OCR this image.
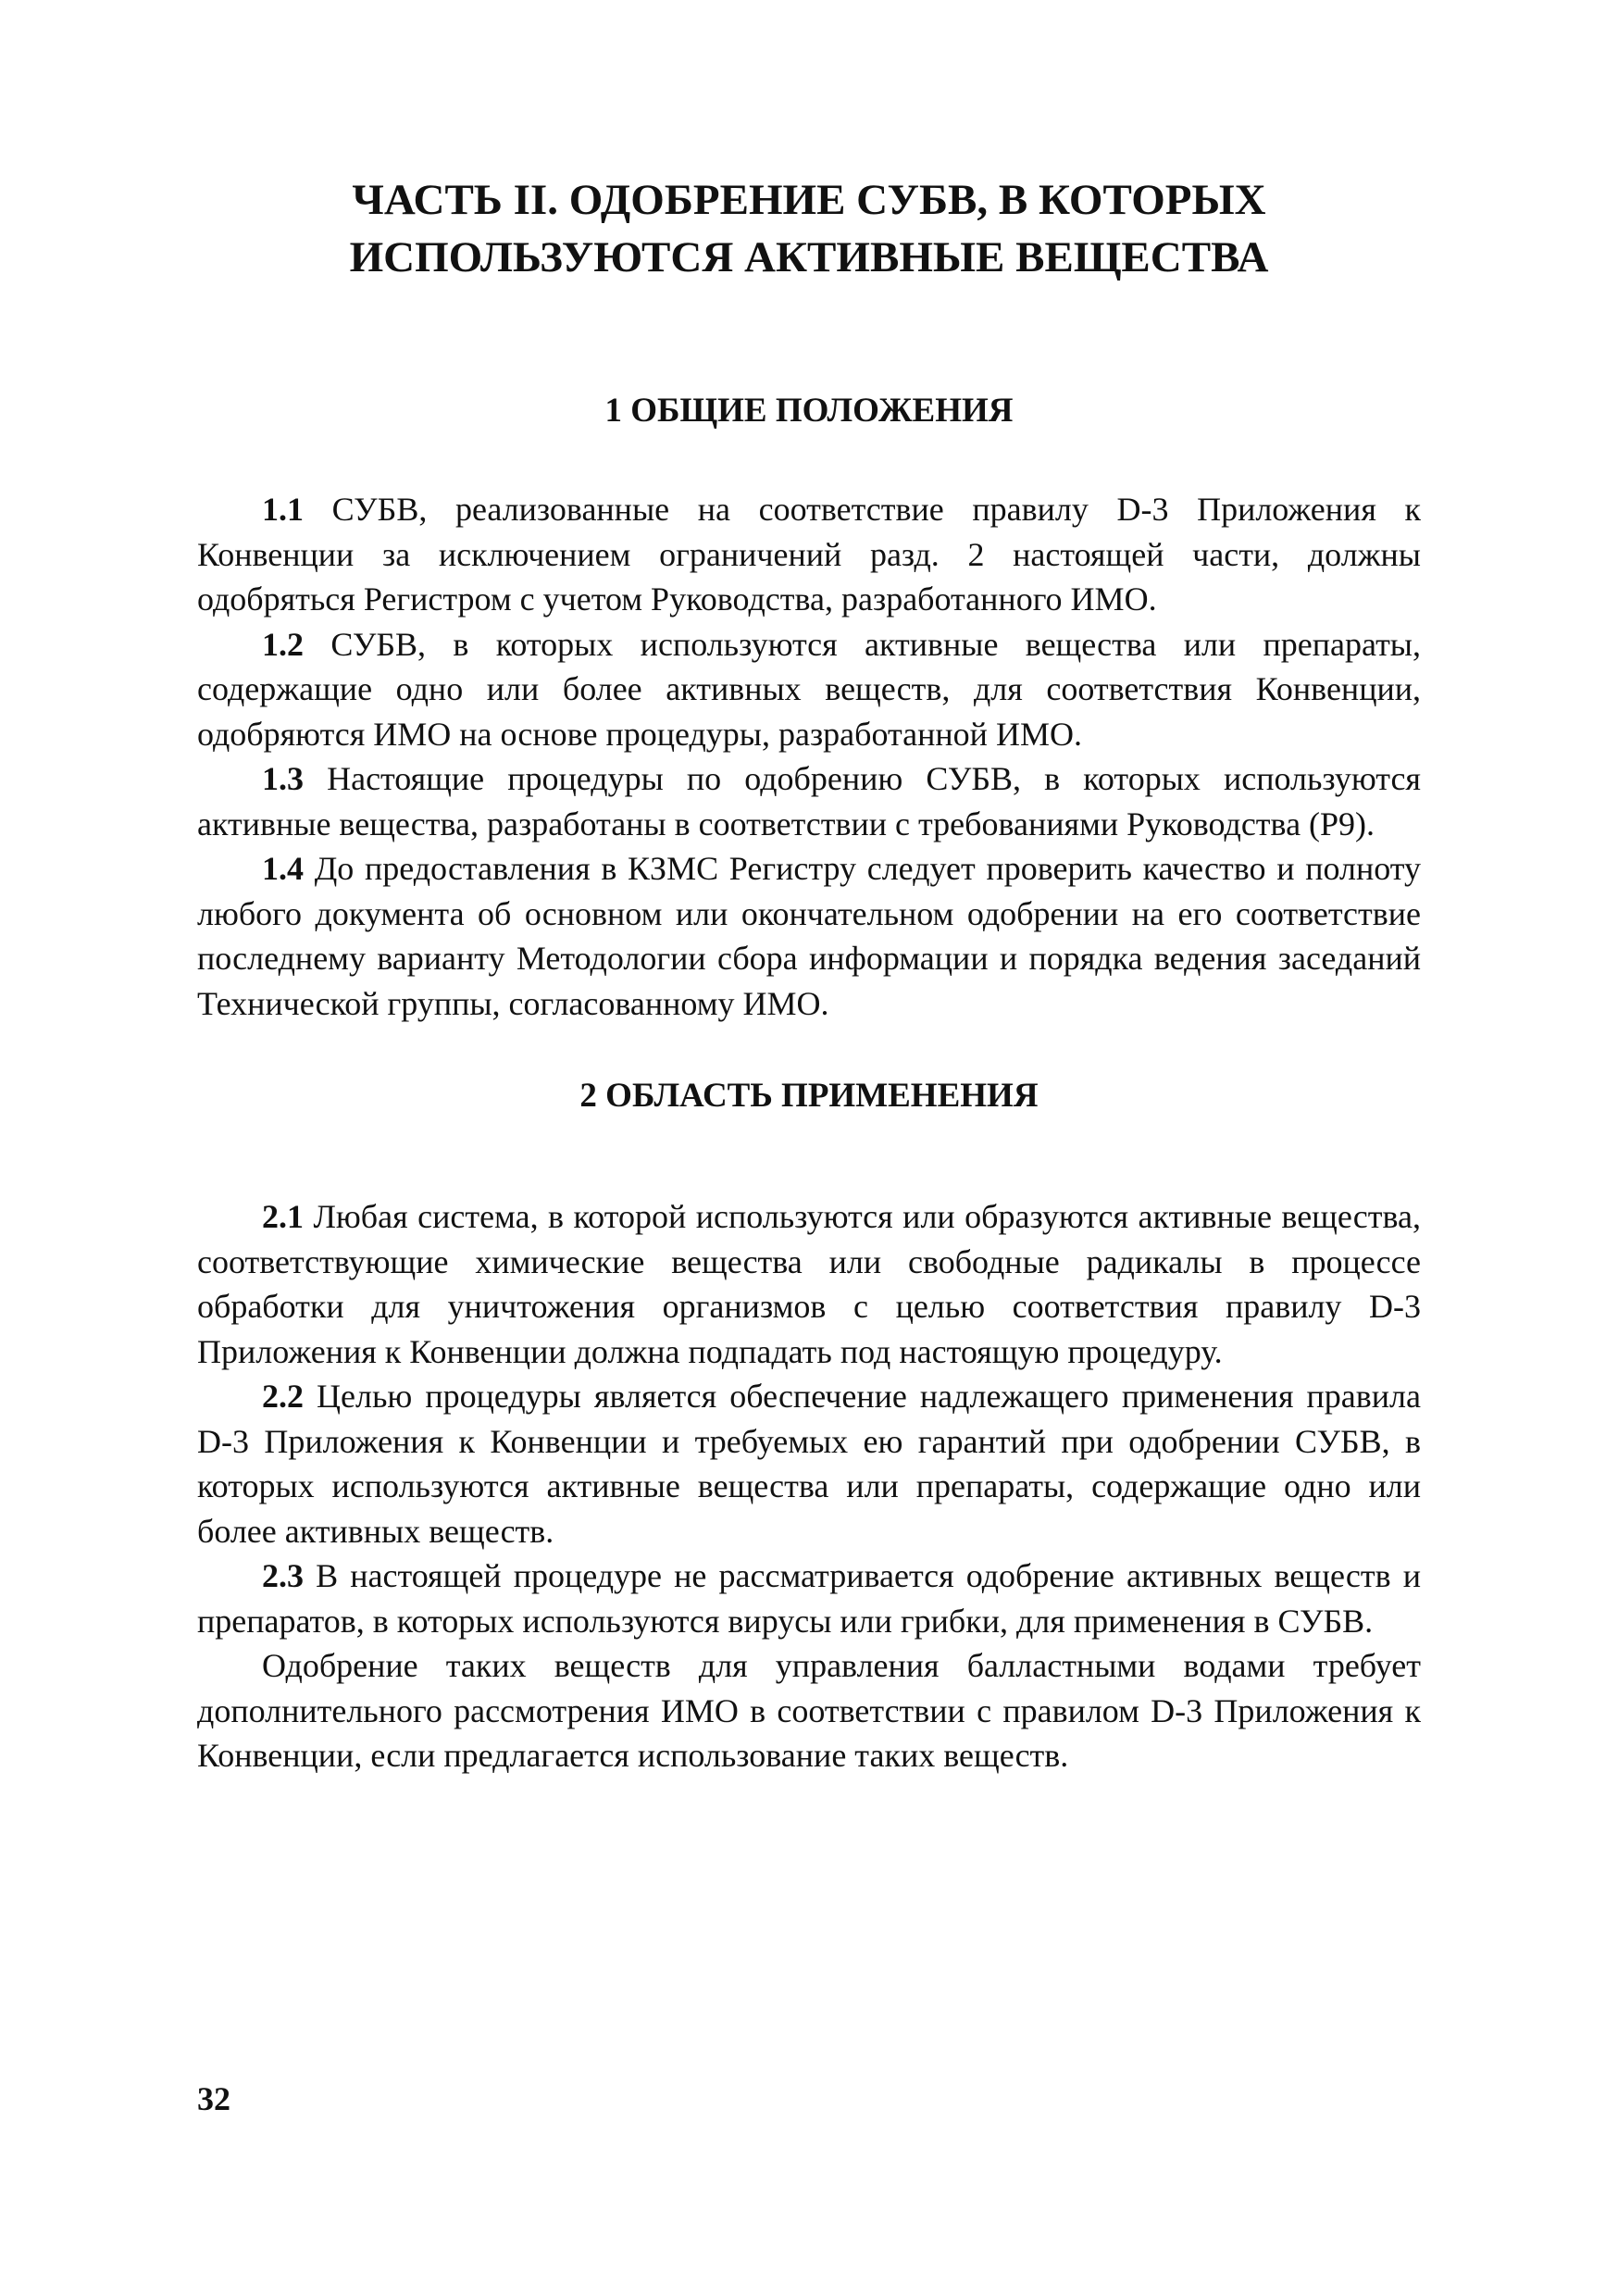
ЧАСТЬ II. ОДОБРЕНИЕ СУБВ, В КОТОРЫХ
ИСПОЛЬЗУЮТСЯ АКТИВНЫЕ ВЕЩЕСТВА
1 ОБЩИЕ ПОЛОЖЕНИЯ

1.1 СУБВ, реализованные на соответствие правилу D-3 Приложения к Конвенции за исключением ограничений разд. 2 настоящей части, должны одобряться Регистром с учетом Руководства, разработанного ИМО.

1.2 СУБВ, в которых используются активные вещества или препараты, содержащие одно или более активных веществ, для соответствия Конвенции, одобряются ИМО на основе процедуры, разработанной ИМО.

1.3 Настоящие процедуры по одобрению СУБВ, в которых используются активные вещества, разработаны в соответствии с требованиями Руководства (Р9).

1.4 До предоставления в КЗМС Регистру следует проверить качество и полноту любого документа об основном или окончательном одобрении на его соответствие последнему варианту Методологии сбора информации и порядка ведения заседаний Технической группы, согласованному ИМО.

2 ОБЛАСТЬ ПРИМЕНЕНИЯ

2.1 Любая система, в которой используются или образуются активные вещества, соответствующие химические вещества или свободные радикалы в процессе обработки для уничтожения организмов с целью соответствия правилу D-3 Приложения к Конвенции должна подпадать под настоящую процедуру.

2.2 Целью процедуры является обеспечение надлежащего применения правила D-3 Приложения к Конвенции и требуемых ею гарантий при одобрении СУБВ, в которых используются активные вещества или препараты, содержащие одно или более активных веществ.

2.3 В настоящей процедуре не рассматривается одобрение активных веществ и препаратов, в которых используются вирусы или грибки, для применения в СУБВ.

Одобрение таких веществ для управления балластными водами требует дополнительного рассмотрения ИМО в соответствии с правилом D-3 Приложения к Конвенции, если предлагается использование таких веществ.

32
